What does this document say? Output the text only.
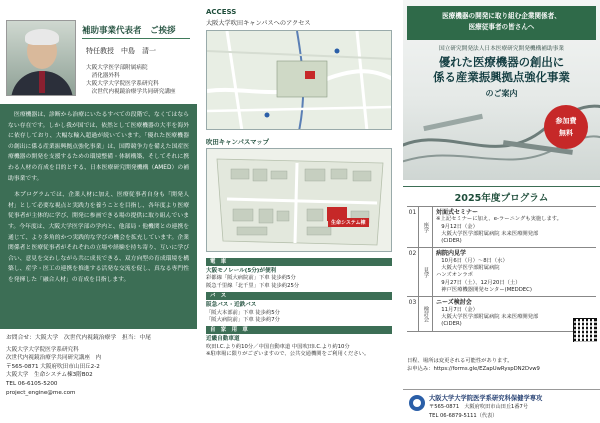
補助事業代表者　ご挨拶
特任教授　中島　清一
大阪大学医学部附属病院
　消化器外科
大阪大学大学院医学系研究科
　次世代内視鏡治療学共同研究講座

医療機器は、診断から治療にいたるすべての段階で、なくてはならない存在です。しかし我が国では、依然として医療機器の大半を海外に依存しており、大幅な輸入超過が続いています。「優れた医療機器の創出に係る産業振興拠点強化事業」は、国際競争力を備えた国産医療機器の開発を支援するための環境整備・体制構築、そしてそれに携わる人材の育成を目的とする、日本医療研究開発機構（AMED）の補助事業です。

本プログラムでは、企業人材に加え、医療従事者自身も「開発人材」として必要な視点と実践力を養うことを目指し、各年度より医療従事者が主体的に学び、開発に参画できる場の提供に取り組んでいます。今年度は、大阪大学医学部の学内と、他部局・他機関との連携を通じて、より多角的かつ実践的な学びの機会を拡充しています。企業関係者と医療従事者がそれぞれの立場や経験を持ち寄り、互いに学び合い、意見を交わしながら共に成長できる、双方向型の育成環境を構築し、産学・医工の連携を推進する活発な交流を促し、真なる専門性を発揮した「融合人材」の育成を目指します。

お問合せ：大阪大学　次世代内視鏡治療学　担当：中尾
大阪大学大学院医学系研究科
次世代内視鏡治療学共同研究講座　内
〒565-0871 大阪府吹田市山田丘2-2
大阪大学　生命システム棟3階B02
TEL 06-6105-5200
project_engine@me.com
ACCESS
大阪大学吹田キャンパスへのアクセス
吹田キャンパスマップ
生命システム棟
電　車
大阪モノレール(5分)が便利
彩都線「阪大病院前」下車 徒歩約5分
阪急千里線「北千里」下車 徒歩約25分
バ　ス
阪急バス・近鉄バス
「阪大本部前」下車 徒歩約5分
「阪大病院前」下車 徒歩約7分
自　家　用　車
近畿自動車道
吹田I.C.より約10分／中国自動車道 中国吹田I.C.より約10分
※駐車場に限りがございますので、公共交通機関をご利用ください。
医療機器の開発に取り組む企業関係者、
医療従事者の皆さんへ
国立研究開発法人日本医療研究開発機構補助事業
優れた医療機器の創出に
係る産業振興拠点強化事業
のご案内
参加費
無料
2025年度プログラム
01
座学
対面式セミナー
※上記セミナーに加え、e-ラーニングも実施します。
　9月12日（金）
　大阪大学医学部附属病院 未来医療開発部
　(CiDER)
02
見学
病院内見学
　10月6日（月）〜8日（水）
　大阪大学医学部附属病院
ハンズオンラボ
　9月27日（土）、12月20日（土）
　神戸医療機器開発センター(MEDDEC)
03
検討会
ニーズ検討会
　11月7日（金）
　大阪大学医学部附属病院 未来医療開発部
　(CiDER)
日程、場所は変更される可能性があります。
お申込み：https://forms.gle/EZapUwRyspDN2Dvw9
大阪大学大学院医学系研究科保健学専攻
〒565-0871　大阪府吹田市山田丘1番7号
TEL 06-6879-5111（代表）
